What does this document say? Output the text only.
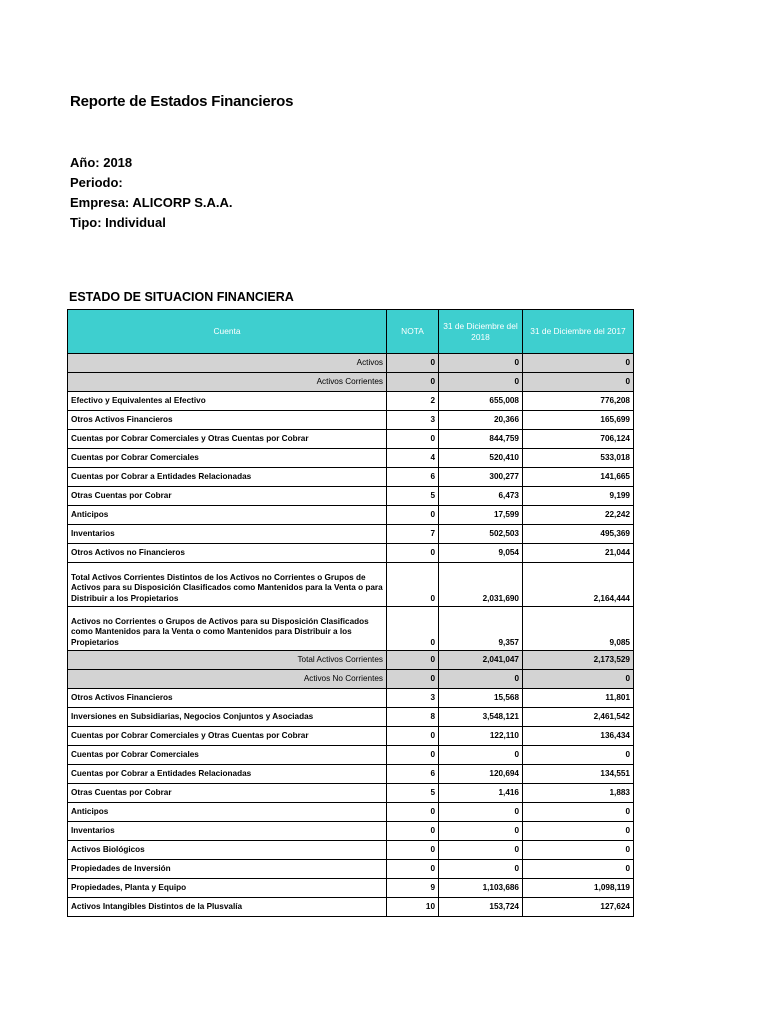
Reporte de Estados Financieros
Año: 2018
Periodo:
Empresa: ALICORP S.A.A.
Tipo: Individual
ESTADO DE SITUACION FINANCIERA
Cuenta	NOTA	31 de Diciembre del 2018	31 de Diciembre del 2017
Activos	0	0	0
Activos Corrientes	0	0	0
Efectivo y Equivalentes al Efectivo	2	655,008	776,208
Otros Activos Financieros	3	20,366	165,699
Cuentas por Cobrar Comerciales y Otras Cuentas por Cobrar	0	844,759	706,124
Cuentas por Cobrar Comerciales	4	520,410	533,018
Cuentas por Cobrar a Entidades Relacionadas	6	300,277	141,665
Otras Cuentas por Cobrar	5	6,473	9,199
Anticipos	0	17,599	22,242
Inventarios	7	502,503	495,369
Otros Activos no Financieros	0	9,054	21,044
Total Activos Corrientes Distintos de los Activos no Corrientes o Grupos de Activos para su Disposición Clasificados como Mantenidos para la Venta o para Distribuir a los Propietarios	0	2,031,690	2,164,444
Activos no Corrientes o Grupos de Activos para su Disposición Clasificados como Mantenidos para la Venta o como Mantenidos para Distribuir a los Propietarios	0	9,357	9,085
Total Activos Corrientes	0	2,041,047	2,173,529
Activos No Corrientes	0	0	0
Otros Activos Financieros	3	15,568	11,801
Inversiones en Subsidiarias, Negocios Conjuntos y Asociadas	8	3,548,121	2,461,542
Cuentas por Cobrar Comerciales y Otras Cuentas por Cobrar	0	122,110	136,434
Cuentas por Cobrar Comerciales	0	0	0
Cuentas por Cobrar a Entidades Relacionadas	6	120,694	134,551
Otras Cuentas por Cobrar	5	1,416	1,883
Anticipos	0	0	0
Inventarios	0	0	0
Activos Biológicos	0	0	0
Propiedades de Inversión	0	0	0
Propiedades, Planta y Equipo	9	1,103,686	1,098,119
Activos Intangibles Distintos de la Plusvalía	10	153,724	127,624
